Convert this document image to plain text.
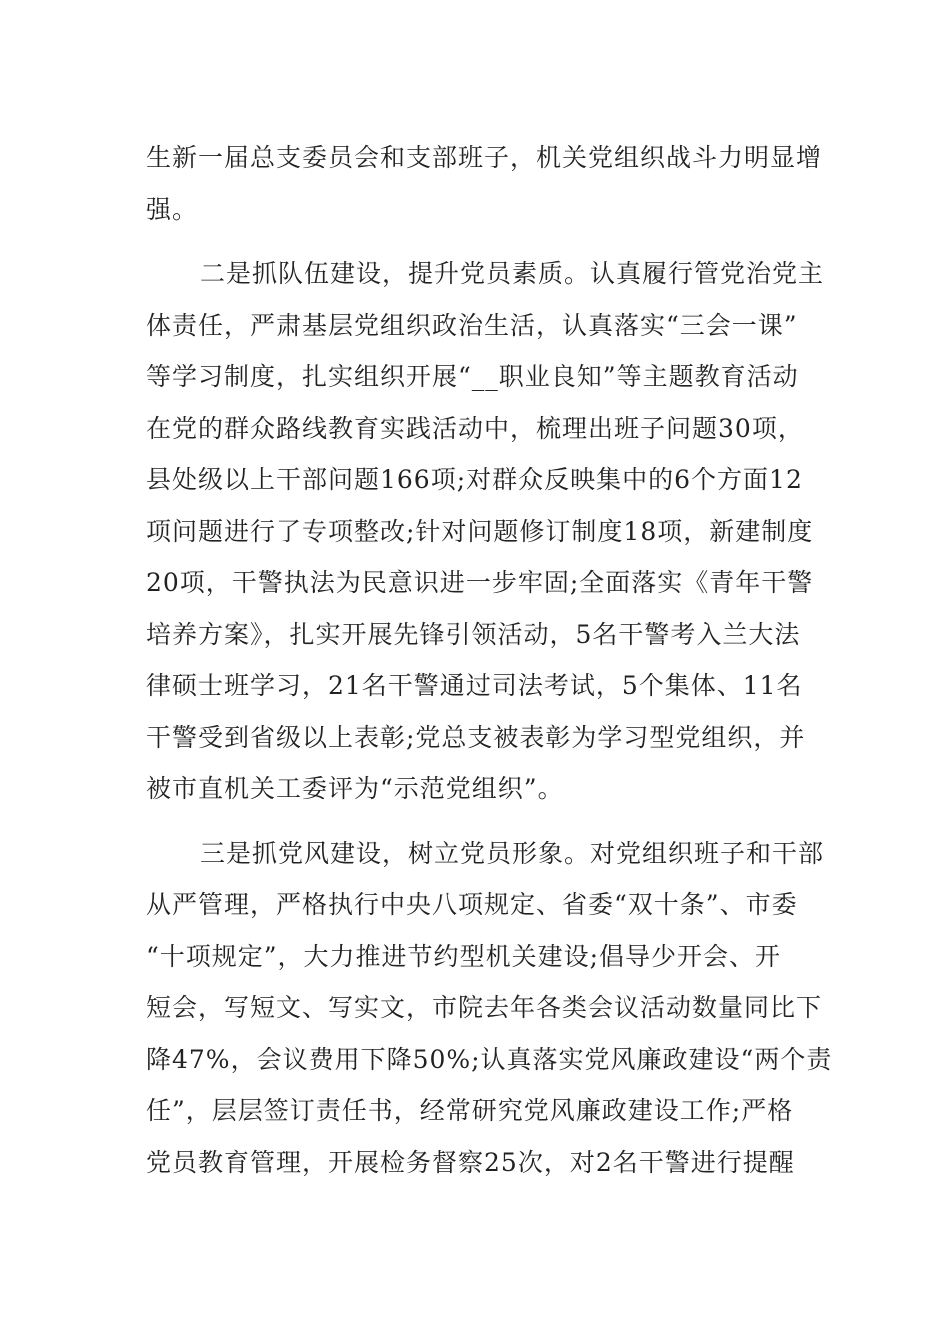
生新一届总支委员会和支部班子，机关党组织战斗力明显增
强。
二是抓队伍建设，提升党员素质。认真履行管党治党主
体责任，严肃基层党组织政治生活，认真落实“三会一课”
等学习制度，扎实组织开展“__职业良知”等主题教育活动
在党的群众路线教育实践活动中，梳理出班子问题30项，
县处级以上干部问题166项;对群众反映集中的6个方面12
项问题进行了专项整改;针对问题修订制度18项，新建制度
20项，干警执法为民意识进一步牢固;全面落实《青年干警
培养方案》，扎实开展先锋引领活动，5名干警考入兰大法
律硕士班学习，21名干警通过司法考试，5个集体、11名
干警受到省级以上表彰;党总支被表彰为学习型党组织，并
被市直机关工委评为“示范党组织”。
三是抓党风建设，树立党员形象。对党组织班子和干部
从严管理，严格执行中央八项规定、省委“双十条”、市委
“十项规定”，大力推进节约型机关建设;倡导少开会、开
短会，写短文、写实文，市院去年各类会议活动数量同比下
降47%，会议费用下降50%;认真落实党风廉政建设“两个责
任”，层层签订责任书，经常研究党风廉政建设工作;严格
党员教育管理，开展检务督察25次，对2名干警进行提醒
